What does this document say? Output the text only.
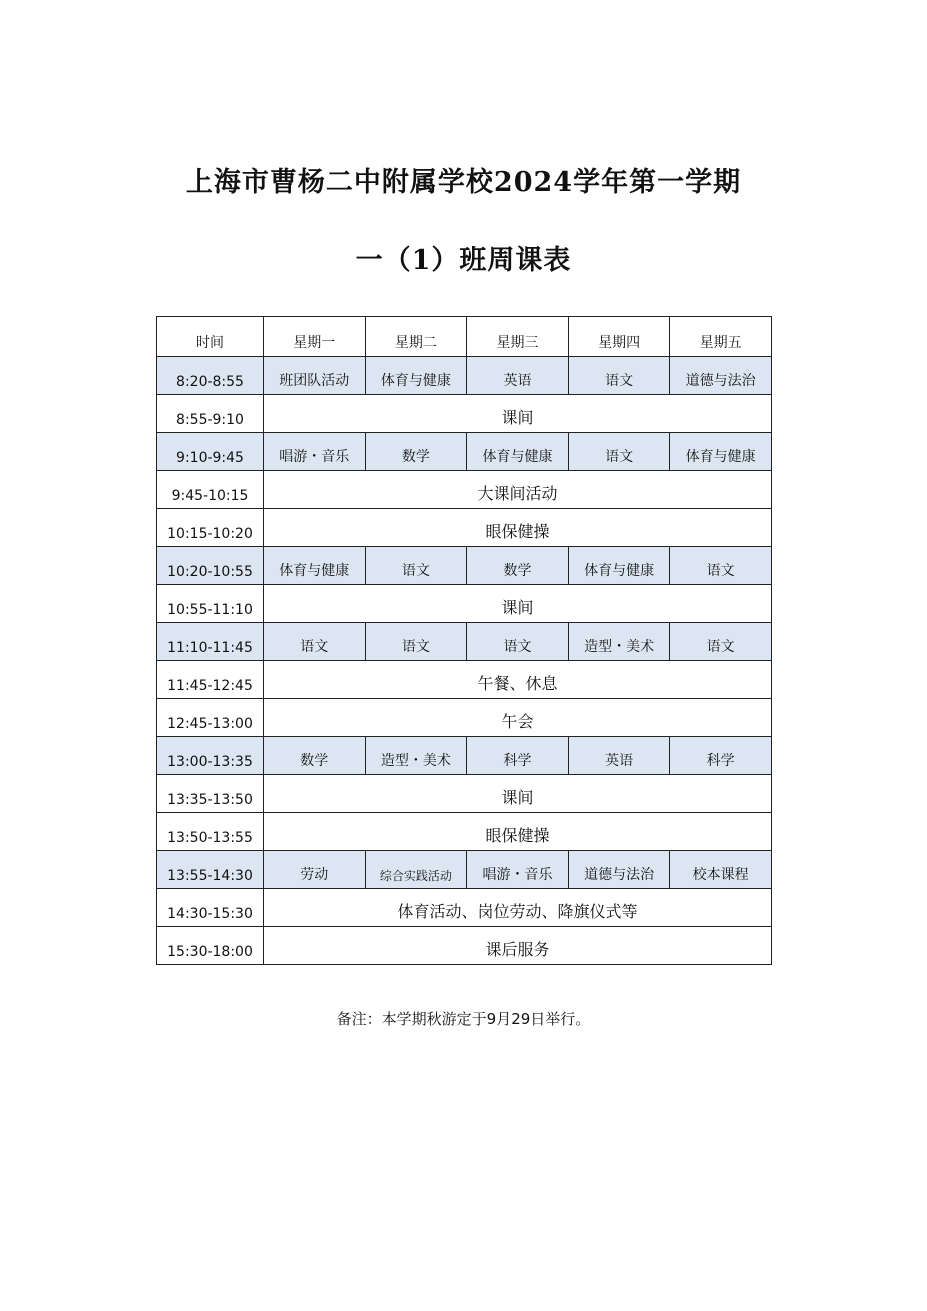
上海市曹杨二中附属学校2024学年第一学期
一（1）班周课表
时间	星期一	星期二	星期三	星期四	星期五
8:20-8:55	班团队活动	体育与健康	英语	语文	道德与法治
8:55-9:10	课间				
9:10-9:45	唱游・音乐	数学	体育与健康	语文	体育与健康
9:45-10:15	大课间活动				
10:15-10:20	眼保健操				
10:20-10:55	体育与健康	语文	数学	体育与健康	语文
10:55-11:10	课间				
11:10-11:45	语文	语文	语文	造型・美术	语文
11:45-12:45	午餐、休息				
12:45-13:00	午会				
13:00-13:35	数学	造型・美术	科学	英语	科学
13:35-13:50	课间				
13:50-13:55	眼保健操				
13:55-14:30	劳动	综合实践活动	唱游・音乐	道德与法治	校本课程
14:30-15:30	体育活动、岗位劳动、降旗仪式等				
15:30-18:00	课后服务				
备注：本学期秋游定于9月29日举行。
